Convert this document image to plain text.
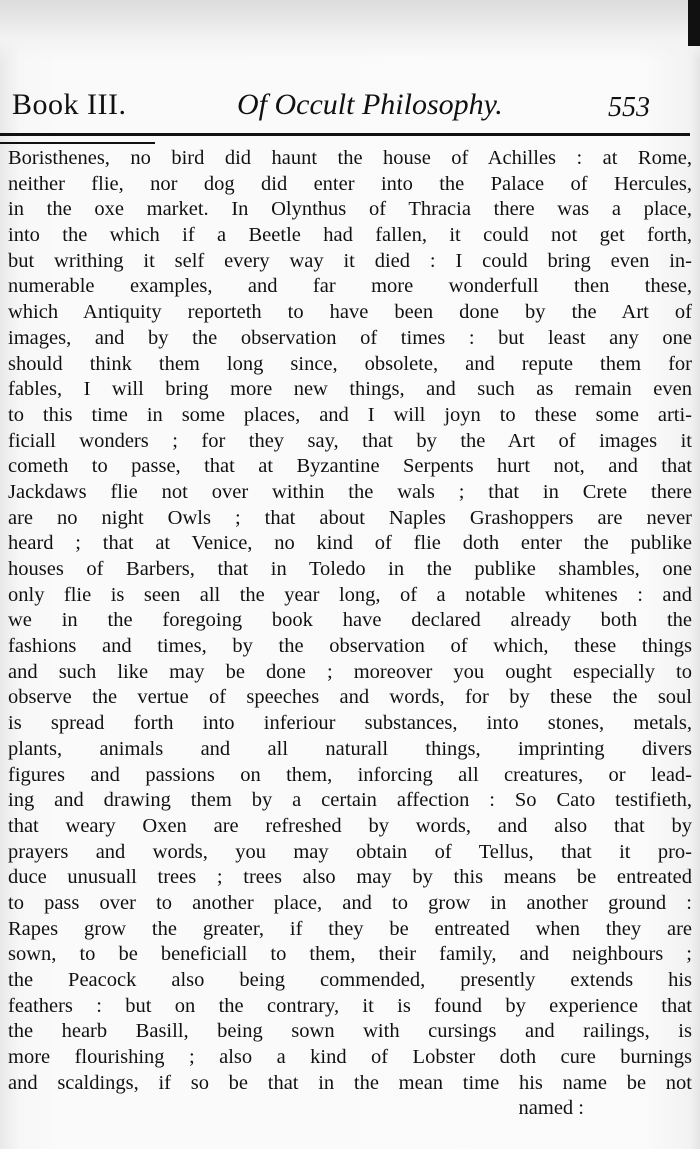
Book III.	Of Occult Philosophy.	553
Boristhenes, no bird did haunt the house of Achilles : at Rome,
neither flie, nor dog did enter into the Palace of Hercules,
in the oxe market. In Olynthus of Thracia there was a place,
into the which if a Beetle had fallen, it could not get forth,
but writhing it self every way it died : I could bring even in-
numerable examples, and far more wonderfull then these,
which Antiquity reporteth to have been done by the Art of
images, and by the observation of times : but least any one
should think them long since, obsolete, and repute them for
fables, I will bring more new things, and such as remain even
to this time in some places, and I will joyn to these some arti-
ficiall wonders ; for they say, that by the Art of images it
cometh to passe, that at Byzantine Serpents hurt not, and that
Jackdaws flie not over within the wals ; that in Crete there
are no night Owls ; that about Naples Grashoppers are never
heard ; that at Venice, no kind of flie doth enter the publike
houses of Barbers, that in Toledo in the publike shambles, one
only flie is seen all the year long, of a notable whitenes : and
we in the foregoing book have declared already both the
fashions and times, by the observation of which, these things
and such like may be done ; moreover you ought especially to
observe the vertue of speeches and words, for by these the soul
is spread forth into inferiour substances, into stones, metals,
plants, animals and all naturall things, imprinting divers
figures and passions on them, inforcing all creatures, or lead-
ing and drawing them by a certain affection : So Cato testifieth,
that weary Oxen are refreshed by words, and also that by
prayers and words, you may obtain of Tellus, that it pro-
duce unusuall trees ; trees also may by this means be entreated
to pass over to another place, and to grow in another ground :
Rapes grow the greater, if they be entreated when they are
sown, to be beneficiall to them, their family, and neighbours ;
the Peacock also being commended, presently extends his
feathers : but on the contrary, it is found by experience that
the hearb Basill, being sown with cursings and railings, is
more flourishing ; also a kind of Lobster doth cure burnings
and scaldings, if so be that in the mean time his name be not
named :
